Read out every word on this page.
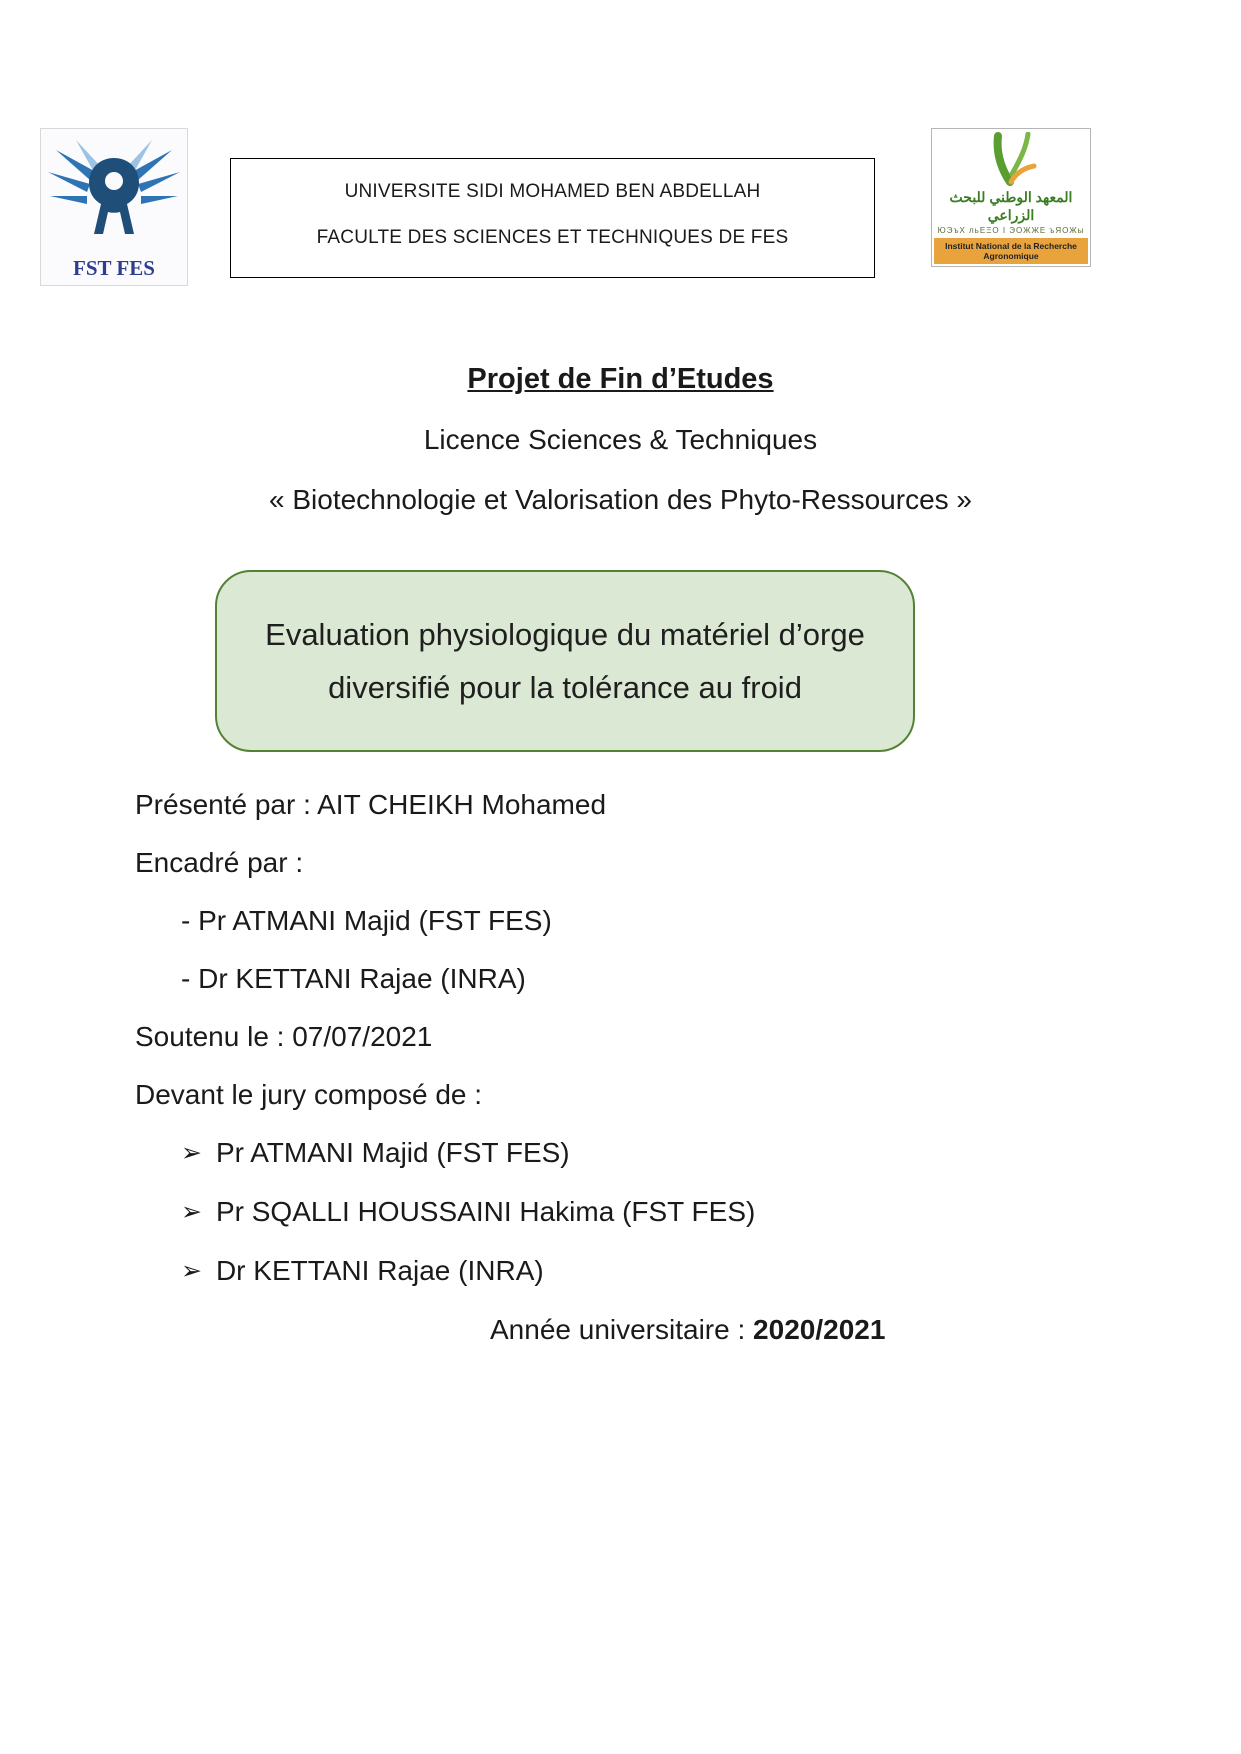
FST FES

UNIVERSITE SIDI MOHAMED BEN ABDELLAH

FACULTE DES SCIENCES ET TECHNIQUES DE FES

المعهد الوطني للبحث الزراعي
ЮЭъX льЕΞО I ЭОЖЖЕ ъЯОЖы
Institut National de la Recherche Agronomique
Projet de Fin d’Etudes
Licence Sciences & Techniques
« Biotechnologie et Valorisation des Phyto-Ressources »
Evaluation physiologique du matériel d’orge diversifié pour la tolérance au froid
Présenté par : AIT CHEIKH Mohamed
Encadré par :
- Pr ATMANI Majid (FST FES)
- Dr KETTANI Rajae (INRA)
Soutenu le : 07/07/2021
Devant le jury composé de :
➢ Pr ATMANI Majid (FST FES)
➢ Pr SQALLI HOUSSAINI Hakima (FST FES)
➢ Dr KETTANI Rajae (INRA)
Année universitaire : 2020/2021
